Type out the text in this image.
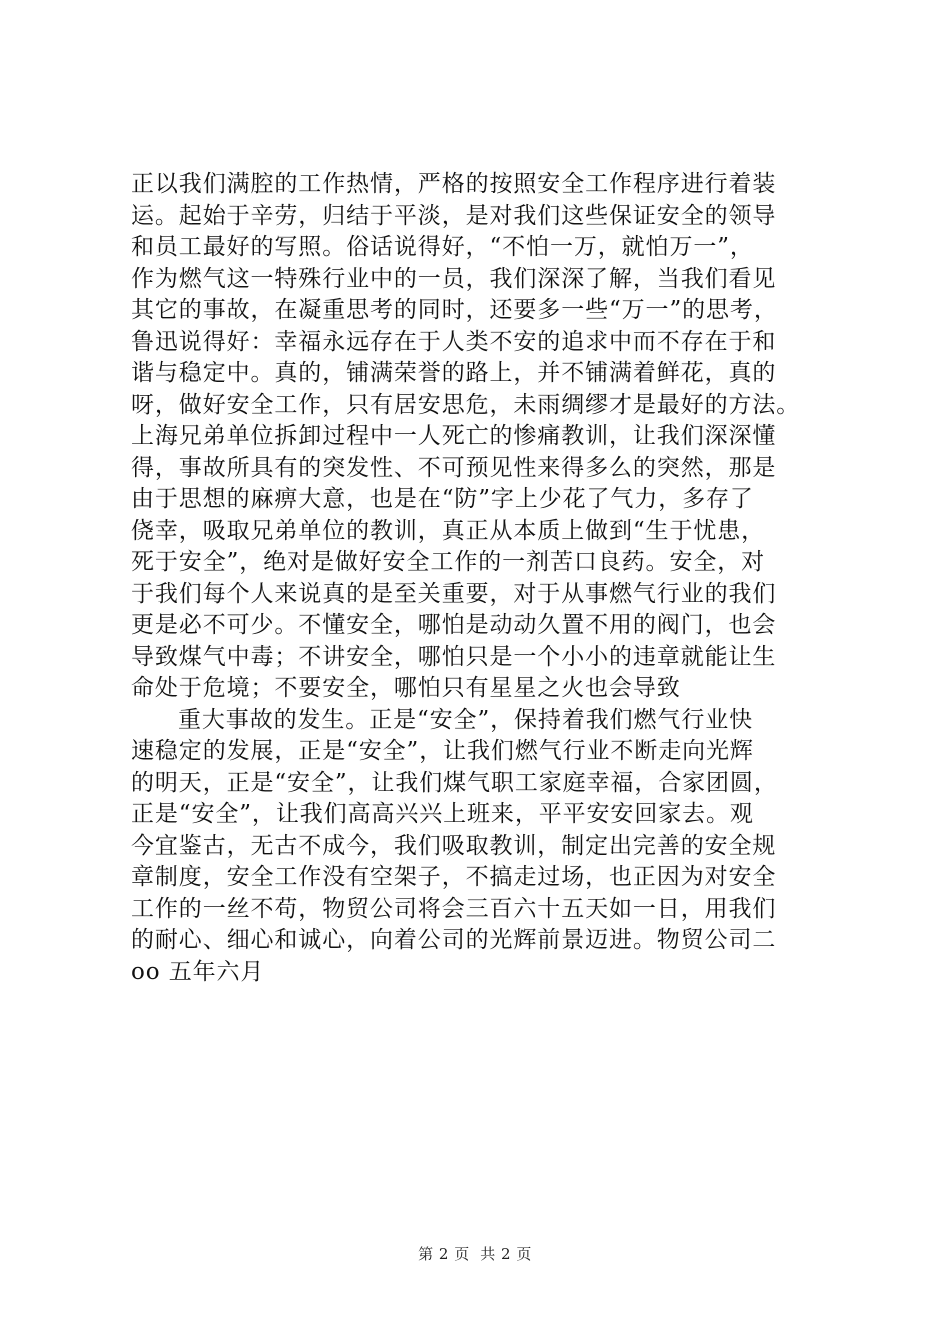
正以我们满腔的工作热情，严格的按照安全工作程序进行着装
运。起始于辛劳，归结于平淡，是对我们这些保证安全的领导
和员工最好的写照。俗话说得好，“不怕一万，就怕万一”，
作为燃气这一特殊行业中的一员，我们深深了解，当我们看见
其它的事故，在凝重思考的同时，还要多一些“万一”的思考，
鲁迅说得好：幸福永远存在于人类不安的追求中而不存在于和
谐与稳定中。真的，铺满荣誉的路上，并不铺满着鲜花，真的
呀，做好安全工作，只有居安思危，未雨绸缪才是最好的方法。
上海兄弟单位拆卸过程中一人死亡的惨痛教训，让我们深深懂
得，事故所具有的突发性、不可预见性来得多么的突然，那是
由于思想的麻痹大意，也是在“防”字上少花了气力，多存了
侥幸，吸取兄弟单位的教训，真正从本质上做到“生于忧患，
死于安全”，绝对是做好安全工作的一剂苦口良药。安全，对
于我们每个人来说真的是至关重要，对于从事燃气行业的我们
更是必不可少。不懂安全，哪怕是动动久置不用的阀门，也会
导致煤气中毒；不讲安全，哪怕只是一个小小的违章就能让生
命处于危境；不要安全，哪怕只有星星之火也会导致
重大事故的发生。正是“安全”，保持着我们燃气行业快
速稳定的发展，正是“安全”，让我们燃气行业不断走向光辉
的明天，正是“安全”，让我们煤气职工家庭幸福，合家团圆，
正是“安全”，让我们高高兴兴上班来，平平安安回家去。观
今宜鉴古，无古不成今，我们吸取教训，制定出完善的安全规
章制度，安全工作没有空架子，不搞走过场，也正因为对安全
工作的一丝不苟，物贸公司将会三百六十五天如一日，用我们
的耐心、细心和诚心，向着公司的光辉前景迈进。物贸公司二
oo 五年六月
第 2 页  共 2 页
